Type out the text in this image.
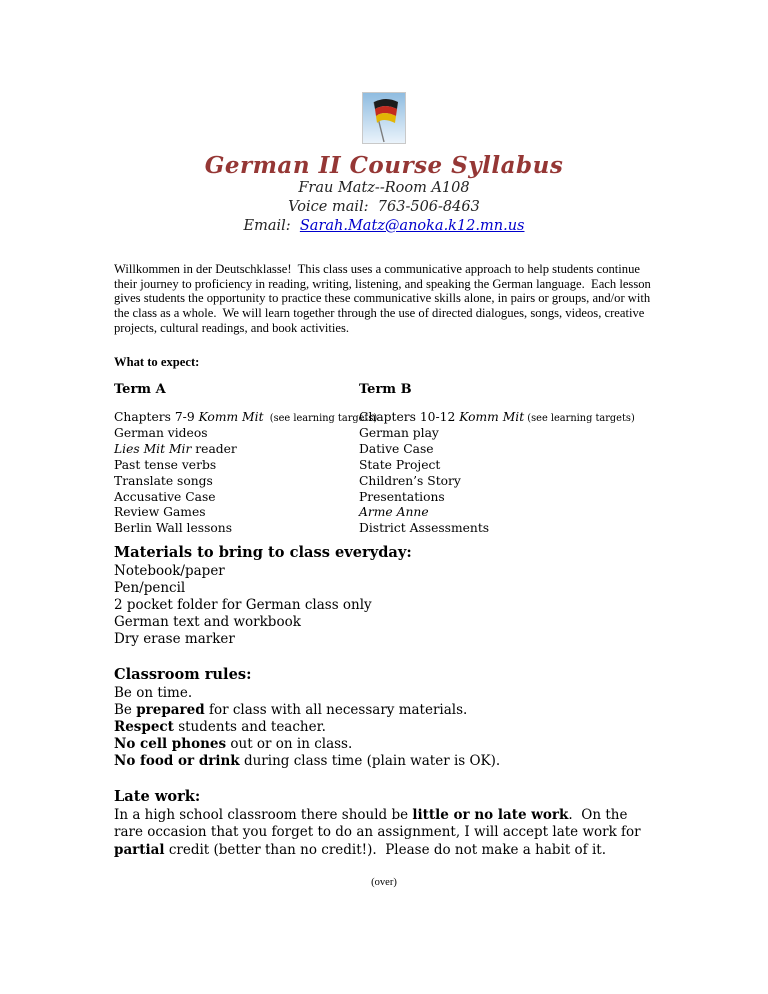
German II Course Syllabus
Frau Matz--Room A108
Voice mail:  763-506-8463
Email:  Sarah.Matz@anoka.k12.mn.us

Willkommen in der Deutschklasse!  This class uses a communicative approach to help students continue their journey to proficiency in reading, writing, listening, and speaking the German language.  Each lesson gives students the opportunity to practice these communicative skills alone, in pairs or groups, and/or with the class as a whole.  We will learn together through the use of directed dialogues, songs, videos, creative projects, cultural readings, and book activities.

What to expect:

Term A
Chapters 7-9 Komm Mit  (see learning targets)
German videos
Lies Mit Mir reader
Past tense verbs
Translate songs
Accusative Case
Review Games
Berlin Wall lessons
Term B
Chapters 10-12 Komm Mit (see learning targets)
German play
Dative Case
State Project
Children’s Story
Presentations
Arme Anne
District Assessments
Materials to bring to class everyday:
Notebook/paper
Pen/pencil
2 pocket folder for German class only
German text and workbook
Dry erase marker
Classroom rules:
Be on time.
Be prepared for class with all necessary materials.
Respect students and teacher.
No cell phones out or on in class.
No food or drink during class time (plain water is OK).
Late work:

In a high school classroom there should be little or no late work.  On the rare occasion that you forget to do an assignment, I will accept late work for partial credit (better than no credit!).  Please do not make a habit of it.

(over)
